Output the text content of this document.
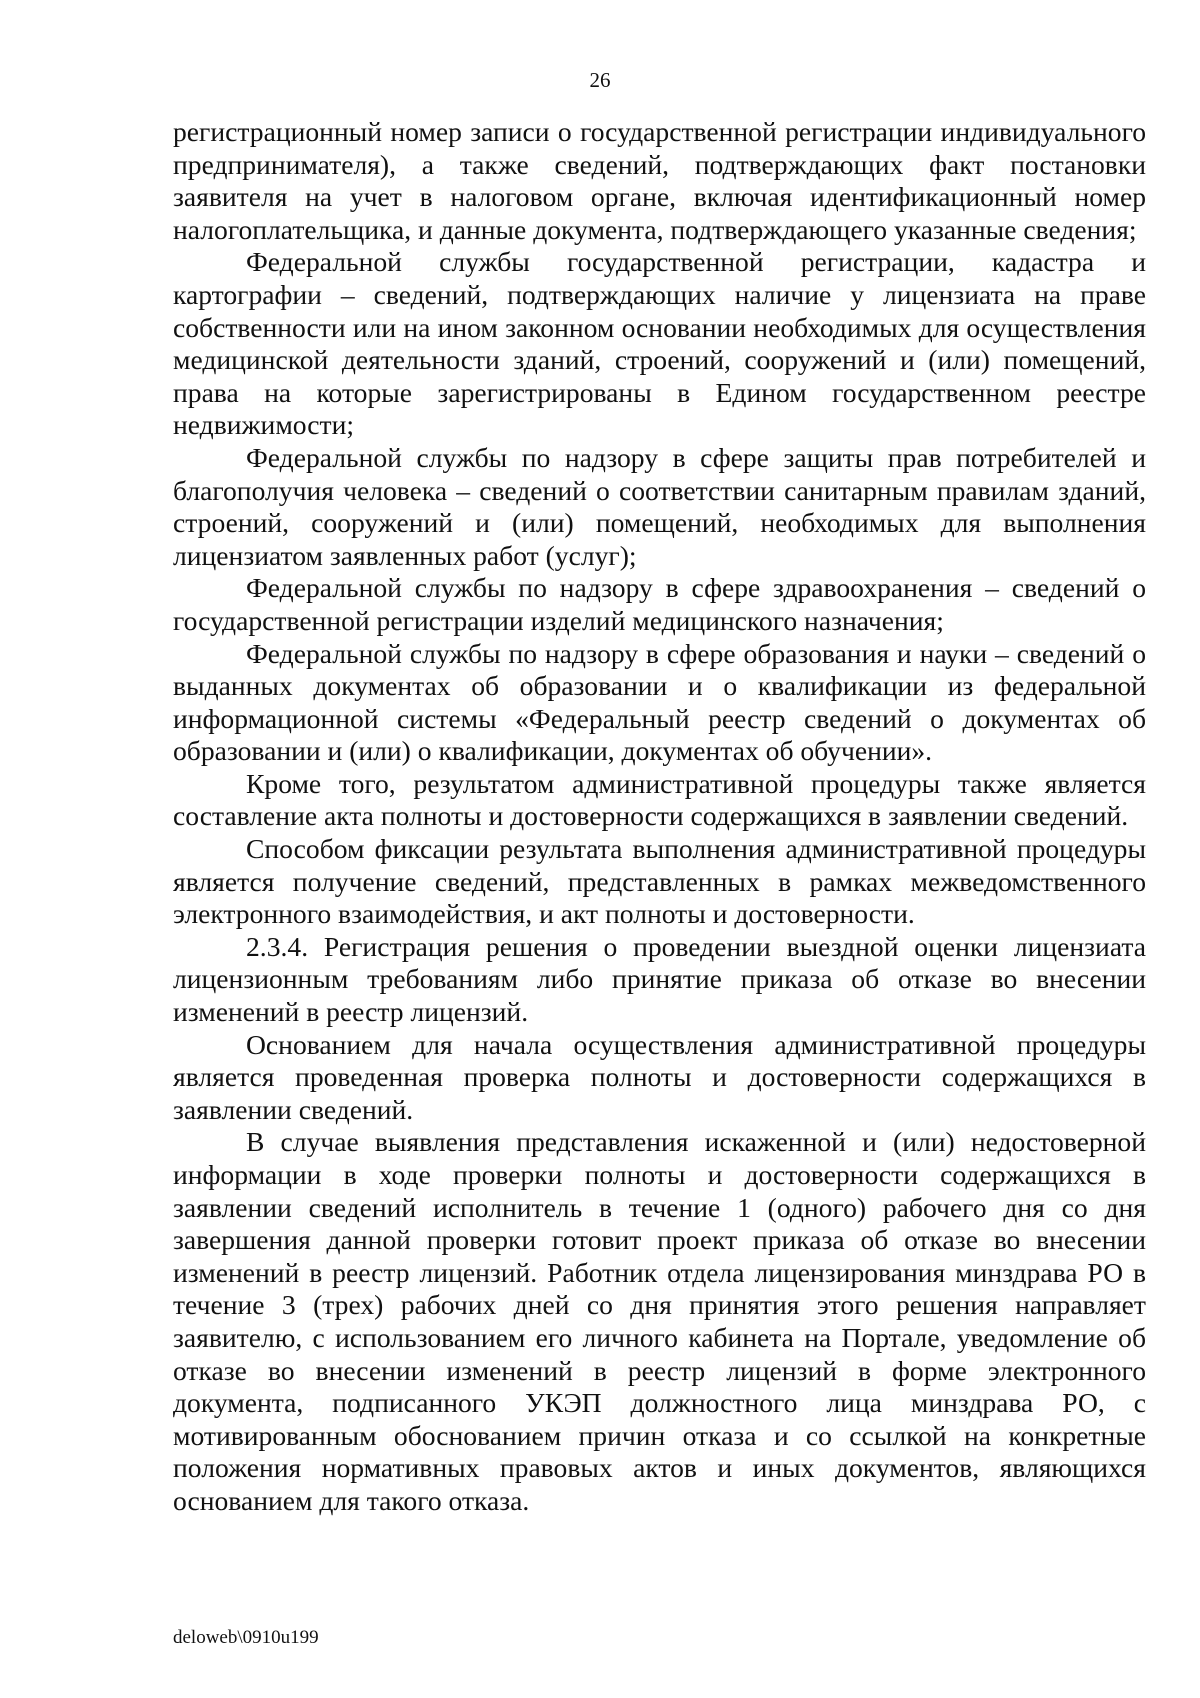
26

регистрационный номер записи о государственной регистрации индивидуального предпринимателя), а также сведений, подтверждающих факт постановки заявителя на учет в налоговом органе, включая идентификационный номер налогоплательщика, и данные документа, подтверждающего указанные сведения;

Федеральной службы государственной регистрации, кадастра и картографии – сведений, подтверждающих наличие у лицензиата на праве собственности или на ином законном основании необходимых для осуществления медицинской деятельности зданий, строений, сооружений и (или) помещений, права на которые зарегистрированы в Едином государственном реестре недвижимости;

Федеральной службы по надзору в сфере защиты прав потребителей и благополучия человека – сведений о соответствии санитарным правилам зданий, строений, сооружений и (или) помещений, необходимых для выполнения лицензиатом заявленных работ (услуг);

Федеральной службы по надзору в сфере здравоохранения – сведений о государственной регистрации изделий медицинского назначения;

Федеральной службы по надзору в сфере образования и науки – сведений о выданных документах об образовании и о квалификации из федеральной информационной системы «Федеральный реестр сведений о документах об образовании и (или) о квалификации, документах об обучении».

Кроме того, результатом административной процедуры также является составление акта полноты и достоверности содержащихся в заявлении сведений.

Способом фиксации результата выполнения административной процедуры является получение сведений, представленных в рамках межведомственного электронного взаимодействия, и акт полноты и достоверности.

2.3.4. Регистрация решения о проведении выездной оценки лицензиата лицензионным требованиям либо принятие приказа об отказе во внесении изменений в реестр лицензий.

Основанием для начала осуществления административной процедуры является проведенная проверка полноты и достоверности содержащихся в заявлении сведений.

В случае выявления представления искаженной и (или) недостоверной информации в ходе проверки полноты и достоверности содержащихся в заявлении сведений исполнитель в течение 1 (одного) рабочего дня со дня завершения данной проверки готовит проект приказа об отказе во внесении изменений в реестр лицензий. Работник отдела лицензирования минздрава РО в течение 3 (трех) рабочих дней со дня принятия этого решения направляет заявителю, с использованием его личного кабинета на Портале, уведомление об отказе во внесении изменений в реестр лицензий в форме электронного документа, подписанного УКЭП должностного лица минздрава РО, с мотивированным обоснованием причин отказа и со ссылкой на конкретные положения нормативных правовых актов и иных документов, являющихся основанием для такого отказа.

deloweb\0910u199
